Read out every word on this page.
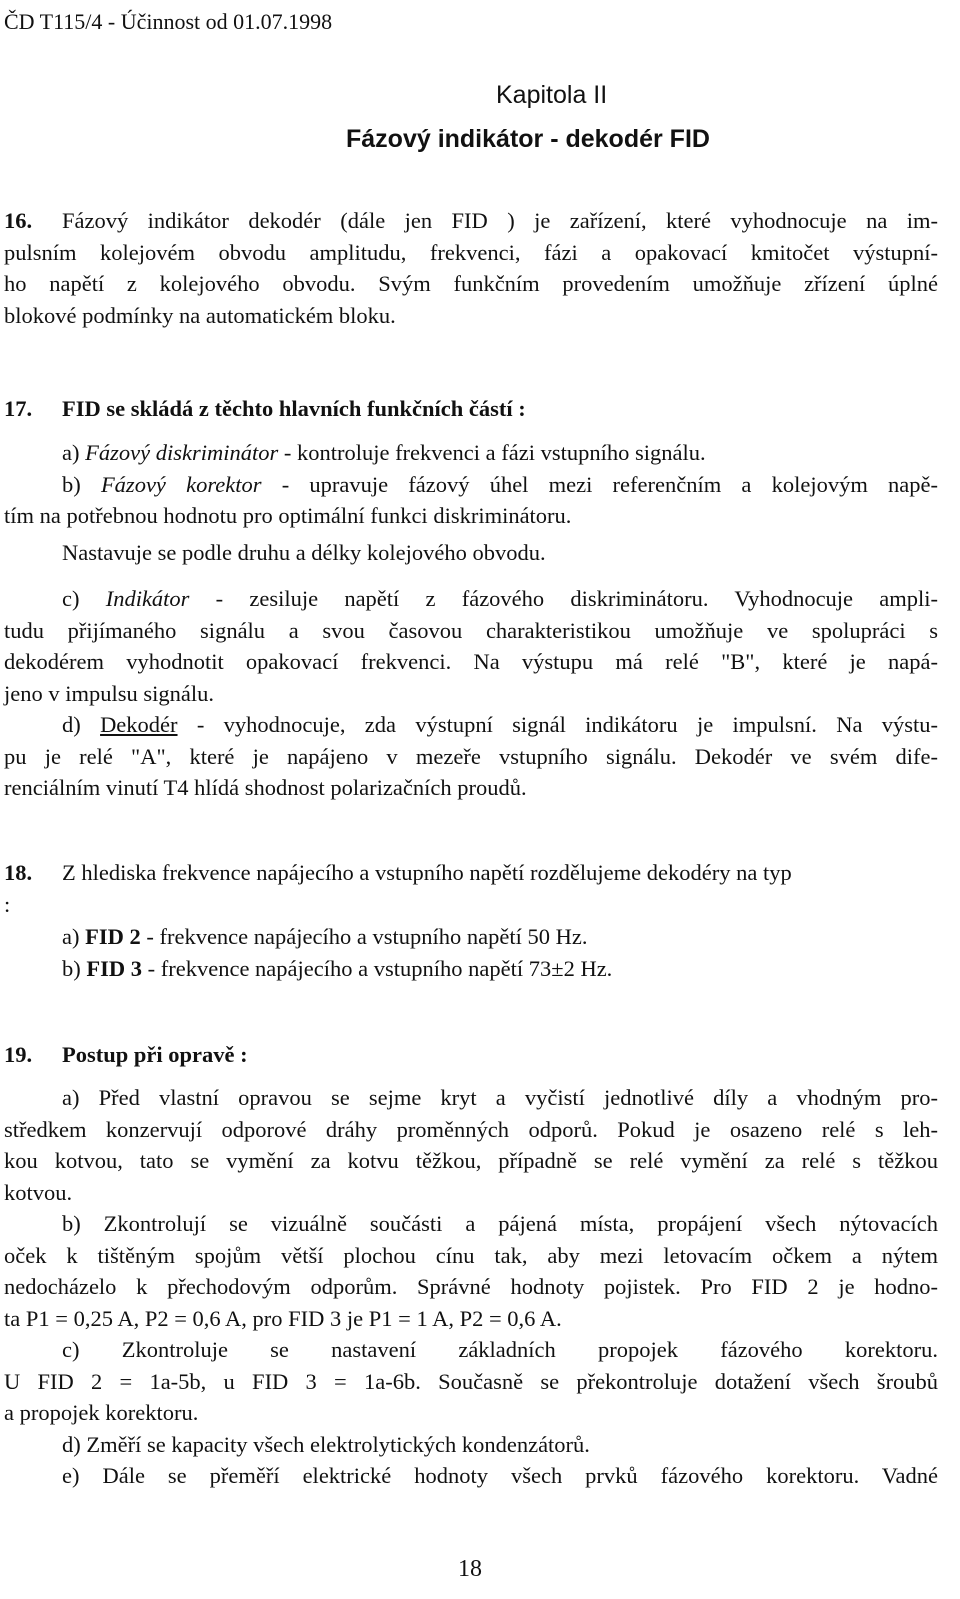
ČD T115/4 - Účinnost od 01.07.1998
Kapitola II
Fázový indikátor - dekodér FID
16. Fázový indikátor dekodér (dále jen FID ) je zařízení, které vyhodnocuje na im-
pulsním kolejovém obvodu amplitudu, frekvenci, fázi a opakovací kmitočet výstupní-
ho napětí z kolejového obvodu. Svým funkčním provedením umožňuje zřízení úplné
blokové podmínky na automatickém bloku.
17. FID se skládá z těchto hlavních funkčních částí :
a) Fázový diskriminátor - kontroluje frekvenci a fázi vstupního signálu.
b) Fázový korektor - upravuje fázový úhel mezi referenčním a kolejovým napě-
tím na potřebnou hodnotu pro optimální funkci diskriminátoru.
Nastavuje se podle druhu a délky kolejového obvodu.
c) Indikátor - zesiluje napětí z fázového diskriminátoru. Vyhodnocuje ampli-
tudu přijímaného signálu a svou časovou charakteristikou umožňuje ve spolupráci s
dekodérem vyhodnotit opakovací frekvenci. Na výstupu má relé "B", které je napá-
jeno v impulsu signálu.
d) Dekodér - vyhodnocuje, zda výstupní signál indikátoru je impulsní. Na výstu-
pu je relé "A", které je napájeno v mezeře vstupního signálu. Dekodér ve svém dife-
renciálním vinutí T4 hlídá shodnost polarizačních proudů.
18. Z hlediska frekvence napájecího a vstupního napětí rozdělujeme dekodéry na typ
:
a) FID 2 - frekvence napájecího a vstupního napětí 50 Hz.
b) FID 3 - frekvence napájecího a vstupního napětí 73±2 Hz.
19. Postup při opravě :
a) Před vlastní opravou se sejme kryt a vyčistí jednotlivé díly a vhodným pro-
středkem konzervují odporové dráhy proměnných odporů. Pokud je osazeno relé s leh-
kou kotvou, tato se vymění za kotvu těžkou, případně se relé vymění za relé s těžkou
kotvou.
b) Zkontrolují se vizuálně součásti a pájená místa, propájení všech nýtovacích
oček k tištěným spojům větší plochou cínu tak, aby mezi letovacím očkem a nýtem
nedocházelo k přechodovým odporům. Správné hodnoty pojistek. Pro FID 2 je hodno-
ta P1 = 0,25 A, P2 = 0,6 A, pro FID 3 je P1 = 1 A, P2 = 0,6 A.
c) Zkontroluje se nastavení základních propojek fázového korektoru.
U FID 2 = 1a-5b, u FID 3 = 1a-6b. Současně se překontroluje dotažení všech šroubů
a propojek korektoru.
d) Změří se kapacity všech elektrolytických kondenzátorů.
e) Dále se přeměří elektrické hodnoty všech prvků fázového korektoru. Vadné
18
